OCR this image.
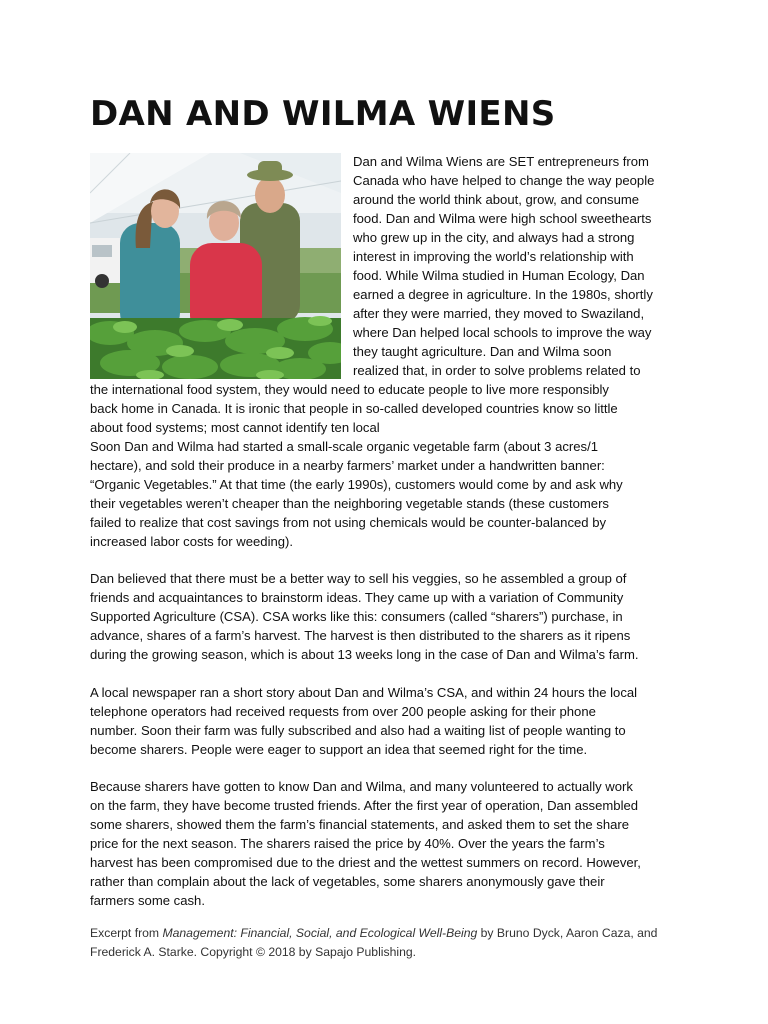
DAN AND WILMA WIENS

Dan and Wilma Wiens are SET entrepreneurs from

Canada who have helped to change the way people

around the world think about, grow, and consume

food. Dan and Wilma were high school sweethearts

who grew up in the city, and always had a strong

interest in improving the world’s relationship with

food. While Wilma studied in Human Ecology, Dan

earned a degree in agriculture. In the 1980s, shortly

after they were married, they moved to Swaziland,

where Dan helped local schools to improve the way

they taught agriculture. Dan and Wilma soon

realized that, in order to solve problems related to

the international food system, they would need to educate people to live more responsibly

back home in Canada. It is ironic that people in so-called developed countries know so little

about food systems; most cannot identify ten local

Soon Dan and Wilma had started a small-scale organic vegetable farm (about 3 acres/1

hectare), and sold their produce in a nearby farmers’ market under a handwritten banner:

“Organic Vegetables.” At that time (the early 1990s), customers would come by and ask why

their vegetables weren’t cheaper than the neighboring vegetable stands (these customers

failed to realize that cost savings from not using chemicals would be counter-balanced by

increased labor costs for weeding).

Dan believed that there must be a better way to sell his veggies, so he assembled a group of

friends and acquaintances to brainstorm ideas. They came up with a variation of Community

Supported Agriculture (CSA). CSA works like this: consumers (called “sharers”) purchase, in

advance, shares of a farm’s harvest. The harvest is then distributed to the sharers as it ripens

during the growing season, which is about 13 weeks long in the case of Dan and Wilma’s farm.

A local newspaper ran a short story about Dan and Wilma’s CSA, and within 24 hours the local

telephone operators had received requests from over 200 people asking for their phone

number. Soon their farm was fully subscribed and also had a waiting list of people wanting to

become sharers. People were eager to support an idea that seemed right for the time.

Because sharers have gotten to know Dan and Wilma, and many volunteered to actually work

on the farm, they have become trusted friends. After the first year of operation, Dan assembled

some sharers, showed them the farm’s financial statements, and asked them to set the share

price for the next season. The sharers raised the price by 40%. Over the years the farm’s

harvest has been compromised due to the driest and the wettest summers on record. However,

rather than complain about the lack of vegetables, some sharers anonymously gave their

farmers some cash.

Excerpt from Management: Financial, Social, and Ecological Well-Being by Bruno Dyck, Aaron Caza, and

Frederick A. Starke. Copyright © 2018 by Sapajo Publishing.
